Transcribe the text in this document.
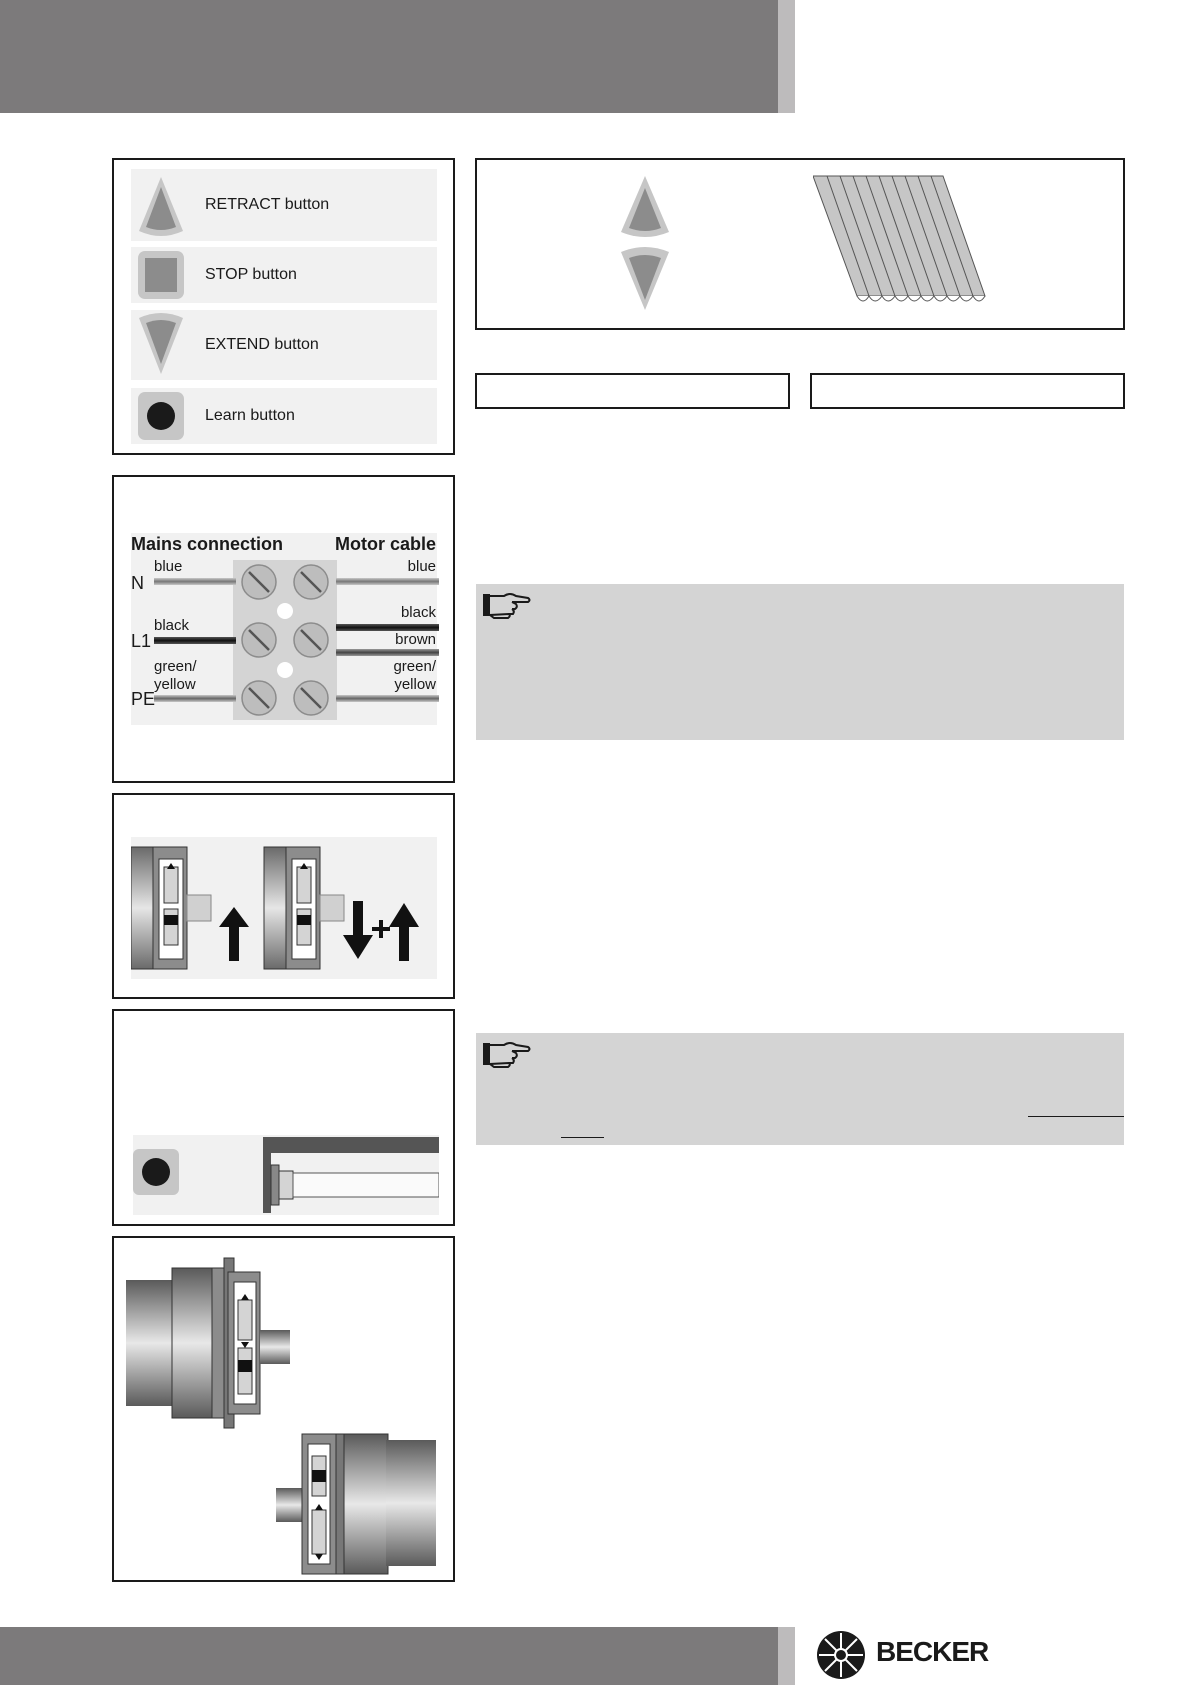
RETRACT button
STOP button
EXTEND button
Learn button
Mains connection	Motor cable
N
L1
PE
blue
black
green/
yellow
blue
black
brown
green/
yellow
BECKER
